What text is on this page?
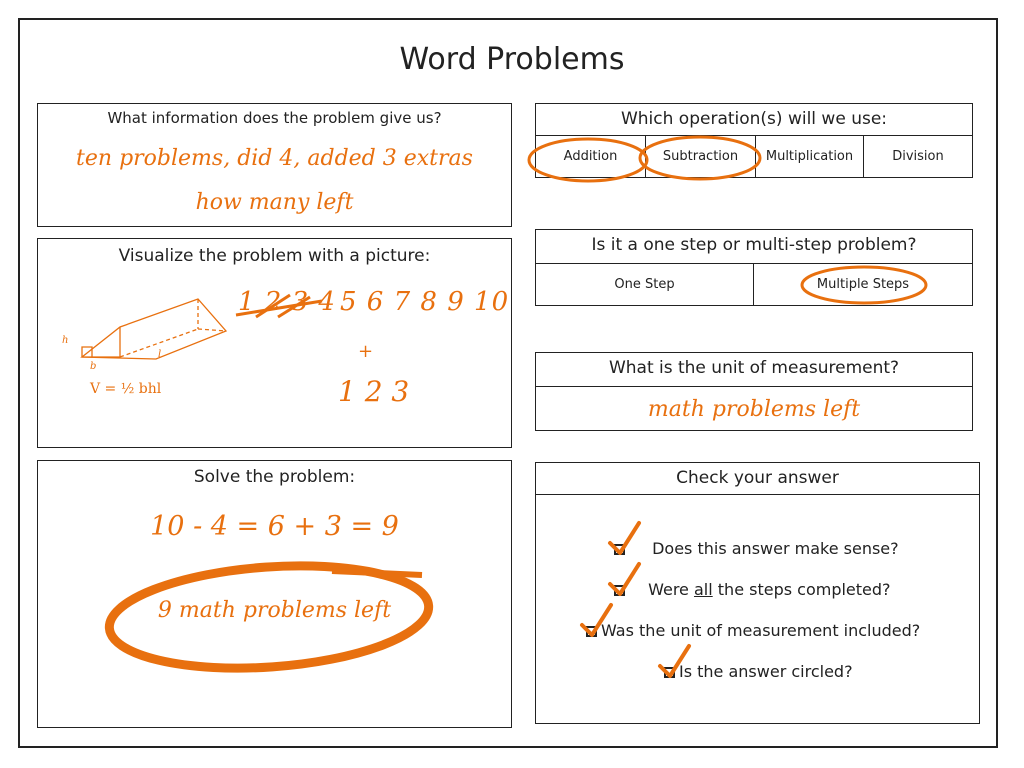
Word Problems
What information does the problem give us?
ten problems, did 4, added 3 extras
how many left
Visualize the problem with a picture:
h
b
l
V = ½ bhl
1 2 3 4 5 6 7 8 9 10
+
1 2 3
Solve the problem:
10 - 4 = 6 + 3 = 9
9 math problems left
Which operation(s) will we use:
Addition	Subtraction	Multiplication	Division
Is it a one step or multi-step problem?
One Step	Multiple Steps
What is the unit of measurement?
math problems left
Check your answer
Does this answer make sense?
Were all the steps completed?
Was the unit of measurement included?
Is the answer circled?
